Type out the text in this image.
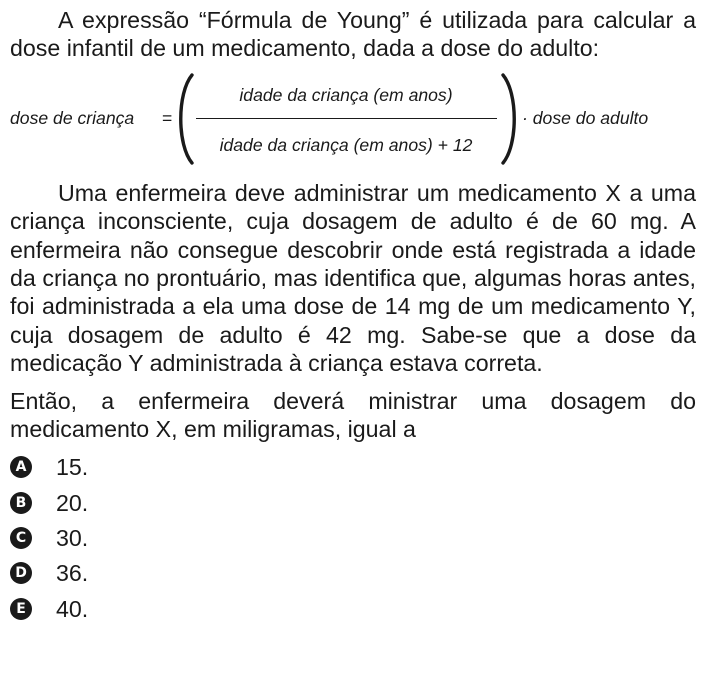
A expressão “Fórmula de Young” é utilizada para calcular a dose infantil de um medicamento, dada a dose do adulto:

dose de criança =
idade da criança (em anos)
idade da criança (em anos) + 12
· dose do adulto

Uma enfermeira deve administrar um medicamento X a uma criança inconsciente, cuja dosagem de adulto é de 60 mg. A enfermeira não consegue descobrir onde está registrada a idade da criança no prontuário, mas identifica que, algumas horas antes, foi administrada a ela uma dose de 14 mg de um medicamento Y, cuja dosagem de adulto é 42 mg. Sabe-se que a dose da medicação Y administrada à criança estava correta.

Então, a enfermeira deverá ministrar uma dosagem do medicamento X, em miligramas, igual a

A 15.
B 20.
C 30.
D 36.
E 40.
